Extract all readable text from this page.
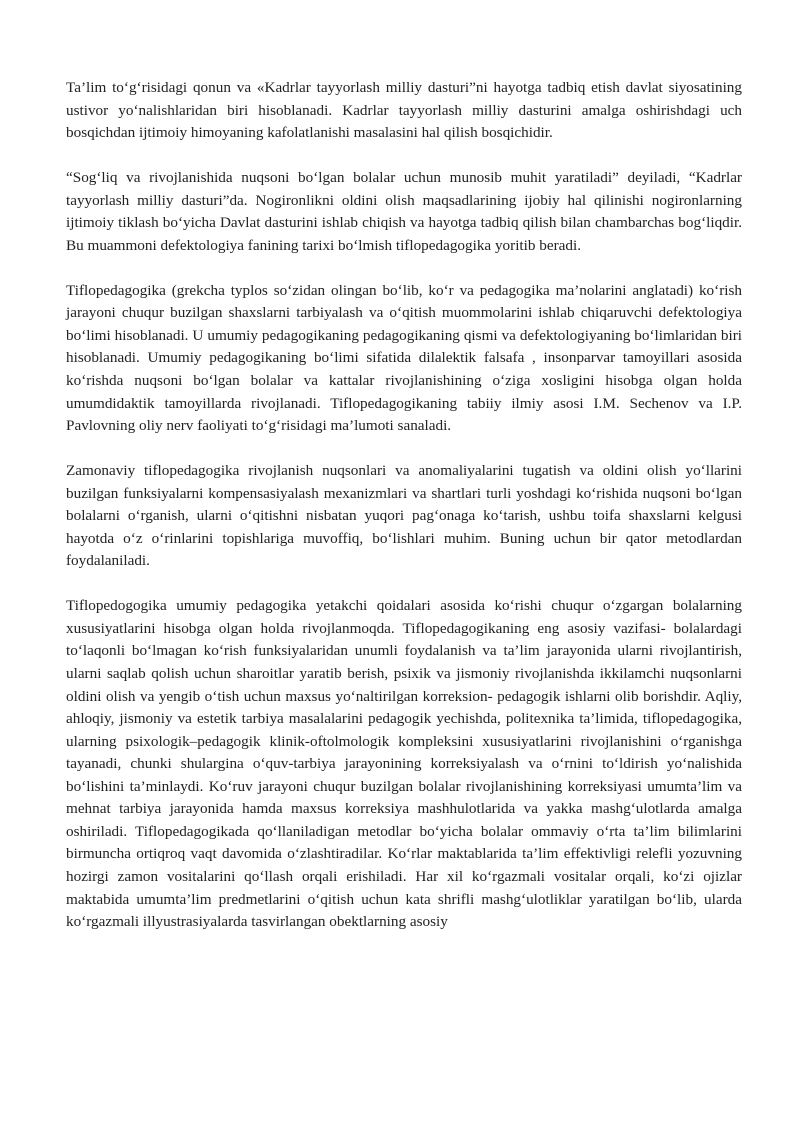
Ta’lim to‘g‘risidagi qonun va «Kadrlar tayyorlash milliy dasturi”ni hayotga tadbiq etish davlat siyosatining ustivor yo‘nalishlaridan biri hisoblanadi. Kadrlar tayyorlash milliy dasturini amalga oshirishdagi uch bosqichdan ijtimoiy himoyaning kafolatlanishi masalasini hal qilish bosqichidir.

“Sog‘liq va rivojlanishida nuqsoni bo‘lgan bolalar uchun munosib muhit yaratiladi” deyiladi, “Kadrlar tayyorlash milliy dasturi”da. Nogironlikni oldini olish maqsadlarining ijobiy hal qilinishi nogironlarning ijtimoiy tiklash bo‘yicha Davlat dasturini ishlab chiqish va hayotga tadbiq qilish bilan chambarchas bog‘liqdir. Bu muammoni defektologiya fanining tarixi bo‘lmish tiflopedagogika yoritib beradi.

Tiflopedagogika (grekcha typlos so‘zidan olingan bo‘lib, ko‘r va pedagogika ma’nolarini anglatadi) ko‘rish jarayoni chuqur buzilgan shaxslarni tarbiyalash va o‘qitish muommolarini ishlab chiqaruvchi defektologiya bo‘limi hisoblanadi. U umumiy pedagogikaning pedagogikaning qismi va defektologiyaning bo‘limlaridan biri hisoblanadi. Umumiy pedagogikaning bo‘limi sifatida dilalektik falsafa , insonparvar tamoyillari asosida ko‘rishda nuqsoni bo‘lgan bolalar va kattalar rivojlanishining o‘ziga xosligini hisobga olgan holda umumdidaktik tamoyillarda rivojlanadi. Tiflopedagogikaning tabiiy ilmiy asosi I.M. Sechenov va I.P. Pavlovning oliy nerv faoliyati to‘g‘risidagi ma’lumoti sanaladi.

Zamonaviy tiflopedagogika rivojlanish nuqsonlari va anomaliyalarini tugatish va oldini olish yo‘llarini buzilgan funksiyalarni kompensasiyalash mexanizmlari va shartlari turli yoshdagi ko‘rishida nuqsoni bo‘lgan bolalarni o‘rganish, ularni o‘qitishni nisbatan yuqori pag‘onaga ko‘tarish, ushbu toifa shaxslarni kelgusi hayotda o‘z o‘rinlarini topishlariga muvoffiq, bo‘lishlari muhim. Buning uchun bir qator metodlardan foydalaniladi.

Tiflopedogogika umumiy pedagogika yetakchi qoidalari asosida ko‘rishi chuqur o‘zgargan bolalarning xususiyatlarini hisobga olgan holda rivojlanmoqda. Tiflopedagogikaning eng asosiy vazifasi- bolalardagi to‘laqonli bo‘lmagan ko‘rish funksiyalaridan unumli foydalanish va ta’lim jarayonida ularni rivojlantirish, ularni saqlab qolish uchun sharoitlar yaratib berish, psixik va jismoniy rivojlanishda ikkilamchi nuqsonlarni oldini olish va yengib o‘tish uchun maxsus yo‘naltirilgan korreksion- pedagogik ishlarni olib borishdir. Aqliy, ahloqiy, jismoniy va estetik tarbiya masalalarini pedagogik yechishda, politexnika ta’limida, tiflopedagogika, ularning psixologik–pedagogik klinik-oftolmologik kompleksini xususiyatlarini rivojlanishini o‘rganishga tayanadi, chunki shulargina o‘quv-tarbiya jarayonining korreksiyalash va o‘rnini to‘ldirish yo‘nalishida bo‘lishini ta’minlaydi. Ko‘ruv jarayoni chuqur buzilgan bolalar rivojlanishining korreksiyasi umumta’lim va mehnat tarbiya jarayonida hamda maxsus korreksiya mashhulotlarida va yakka mashg‘ulotlarda amalga oshiriladi. Tiflopedagogikada qo‘llaniladigan metodlar bo‘yicha bolalar ommaviy o‘rta ta’lim bilimlarini birmuncha ortiqroq vaqt davomida o‘zlashtiradilar. Ko‘rlar maktablarida ta’lim effektivligi relefli yozuvning hozirgi zamon vositalarini qo‘llash orqali erishiladi. Har xil ko‘rgazmali vositalar orqali, ko‘zi ojizlar maktabida umumta’lim predmetlarini o‘qitish uchun kata shrifli mashg‘ulotliklar yaratilgan bo‘lib, ularda ko‘rgazmali illyustrasiyalarda tasvirlangan obektlarning asosiy
